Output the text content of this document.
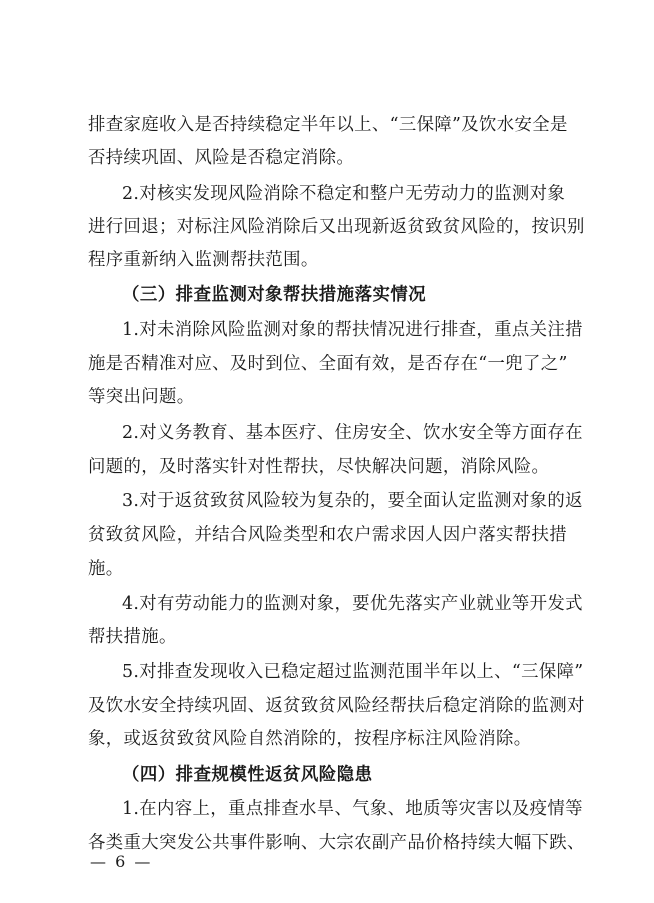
排查家庭收入是否持续稳定半年以上、“三保障”及饮水安全是
否持续巩固、风险是否稳定消除。
2.对核实发现风险消除不稳定和整户无劳动力的监测对象
进行回退；对标注风险消除后又出现新返贫致贫风险的，按识别
程序重新纳入监测帮扶范围。
（三）排查监测对象帮扶措施落实情况
1.对未消除风险监测对象的帮扶情况进行排查，重点关注措
施是否精准对应、及时到位、全面有效，是否存在“一兜了之”
等突出问题。
2.对义务教育、基本医疗、住房安全、饮水安全等方面存在
问题的，及时落实针对性帮扶，尽快解决问题，消除风险。
3.对于返贫致贫风险较为复杂的，要全面认定监测对象的返
贫致贫风险，并结合风险类型和农户需求因人因户落实帮扶措
施。
4.对有劳动能力的监测对象，要优先落实产业就业等开发式
帮扶措施。
5.对排查发现收入已稳定超过监测范围半年以上、“三保障”
及饮水安全持续巩固、返贫致贫风险经帮扶后稳定消除的监测对
象，或返贫致贫风险自然消除的，按程序标注风险消除。
（四）排查规模性返贫风险隐患
1.在内容上，重点排查水旱、气象、地质等灾害以及疫情等
各类重大突发公共事件影响、大宗农副产品价格持续大幅下跌、
— 6 —
